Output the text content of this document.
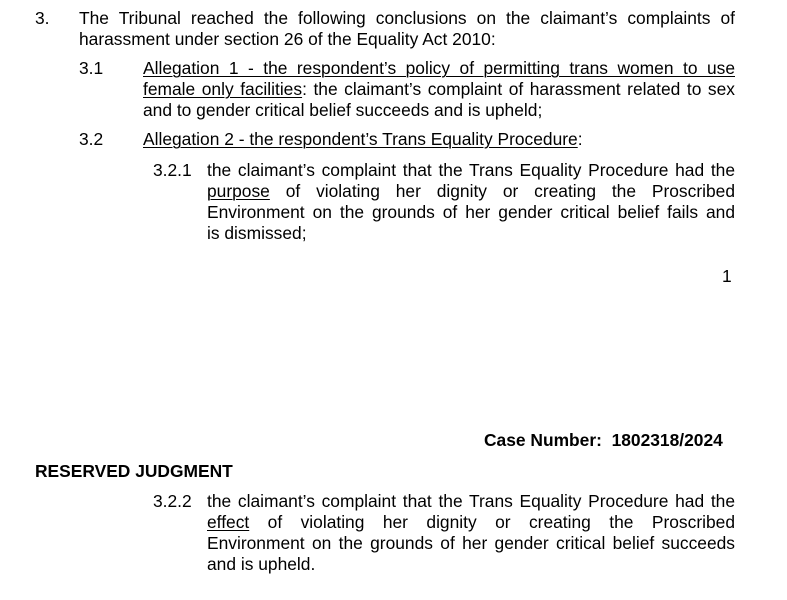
3. The Tribunal reached the following conclusions on the claimant’s complaints of
harassment under section 26 of the Equality Act 2010:
3.1 Allegation 1 - the respondent’s policy of permitting trans women to use
female only facilities: the claimant’s complaint of harassment related to sex
and to gender critical belief succeeds and is upheld;
3.2 Allegation 2 - the respondent’s Trans Equality Procedure:
3.2.1 the claimant’s complaint that the Trans Equality Procedure had the
purpose of violating her dignity or creating the Proscribed
Environment on the grounds of her gender critical belief fails and
is dismissed;
1
Case Number: 1802318/2024
RESERVED JUDGMENT
3.2.2 the claimant’s complaint that the Trans Equality Procedure had the
effect of violating her dignity or creating the Proscribed
Environment on the grounds of her gender critical belief succeeds
and is upheld.
